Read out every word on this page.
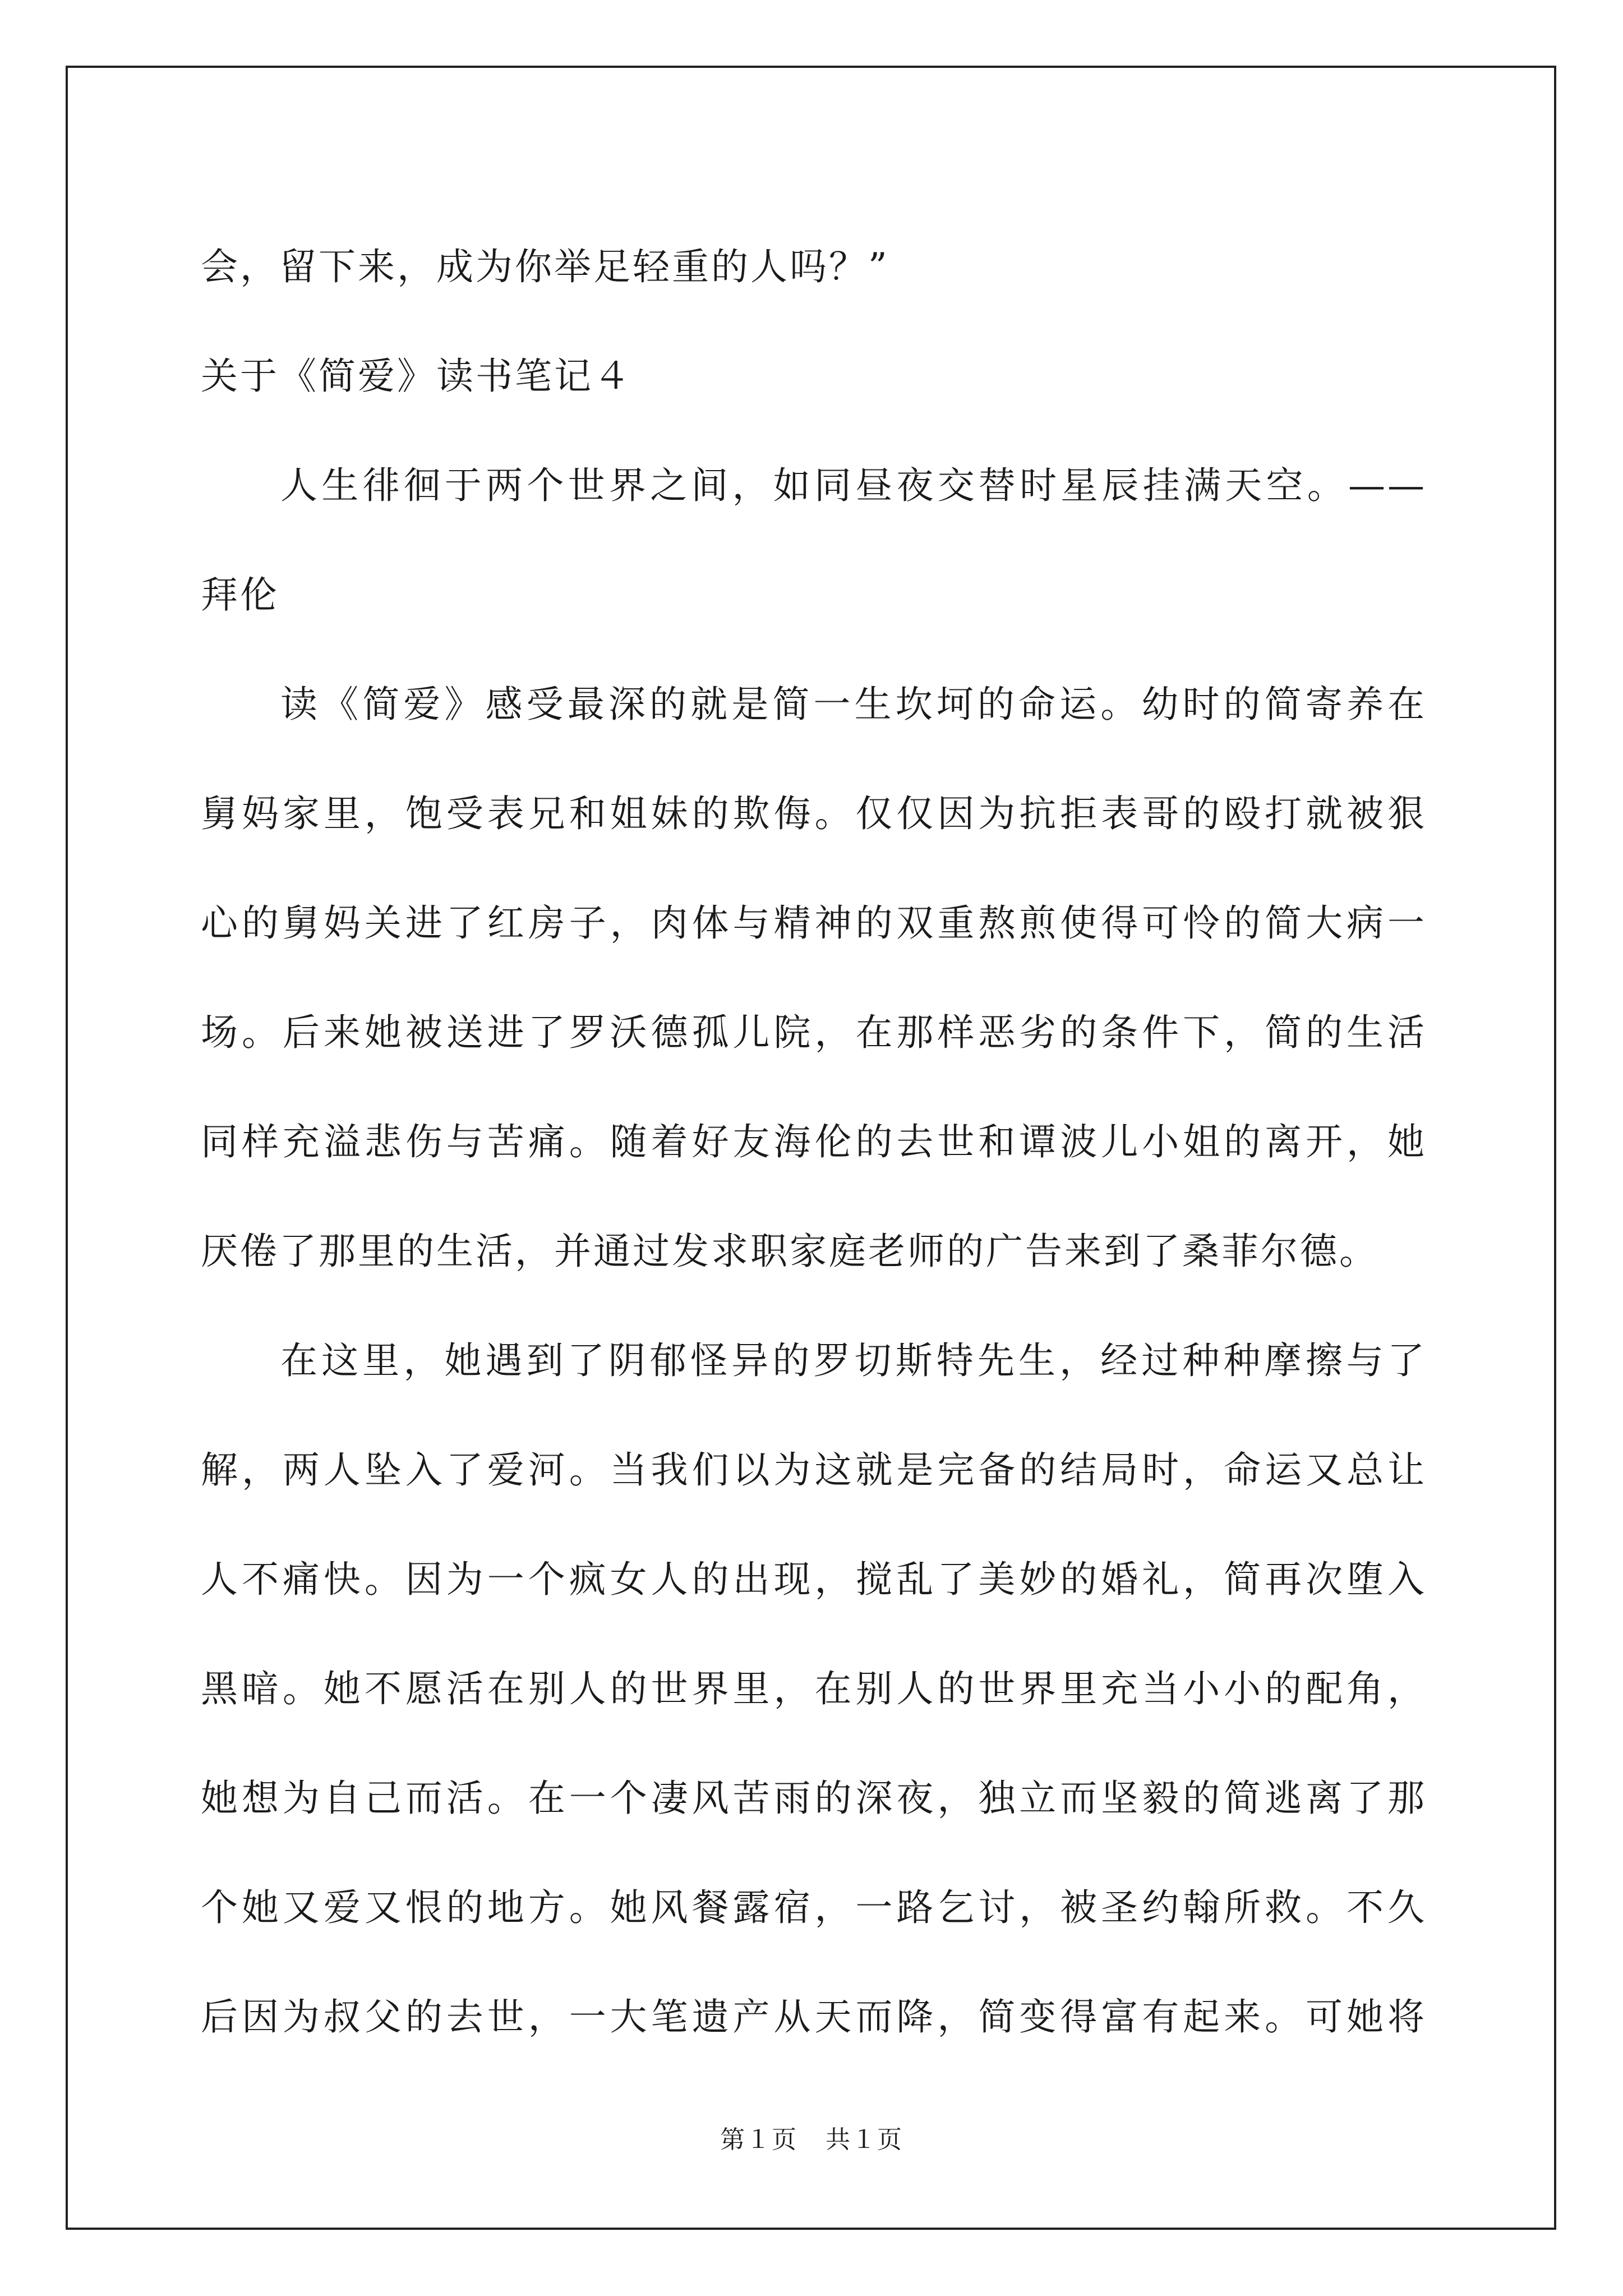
会，留下来，成为你举足轻重的人吗？”
关于《简爱》读书笔记４
人生徘徊于两个世界之间，如同昼夜交替时星辰挂满天空。——
拜伦
读《简爱》感受最深的就是简一生坎坷的命运。幼时的简寄养在
舅妈家里，饱受表兄和姐妹的欺侮。仅仅因为抗拒表哥的殴打就被狠
心的舅妈关进了红房子，肉体与精神的双重熬煎使得可怜的简大病一
场。后来她被送进了罗沃德孤儿院，在那样恶劣的条件下，简的生活
同样充溢悲伤与苦痛。随着好友海伦的去世和谭波儿小姐的离开，她
厌倦了那里的生活，并通过发求职家庭老师的广告来到了桑菲尔德。
在这里，她遇到了阴郁怪异的罗切斯特先生，经过种种摩擦与了
解，两人坠入了爱河。当我们以为这就是完备的结局时，命运又总让
人不痛快。因为一个疯女人的出现，搅乱了美妙的婚礼，简再次堕入
黑暗。她不愿活在别人的世界里，在别人的世界里充当小小的配角，
她想为自己而活。在一个凄风苦雨的深夜，独立而坚毅的简逃离了那
个她又爱又恨的地方。她风餐露宿，一路乞讨，被圣约翰所救。不久
后因为叔父的去世，一大笔遗产从天而降，简变得富有起来。可她将
第１页 共１页
